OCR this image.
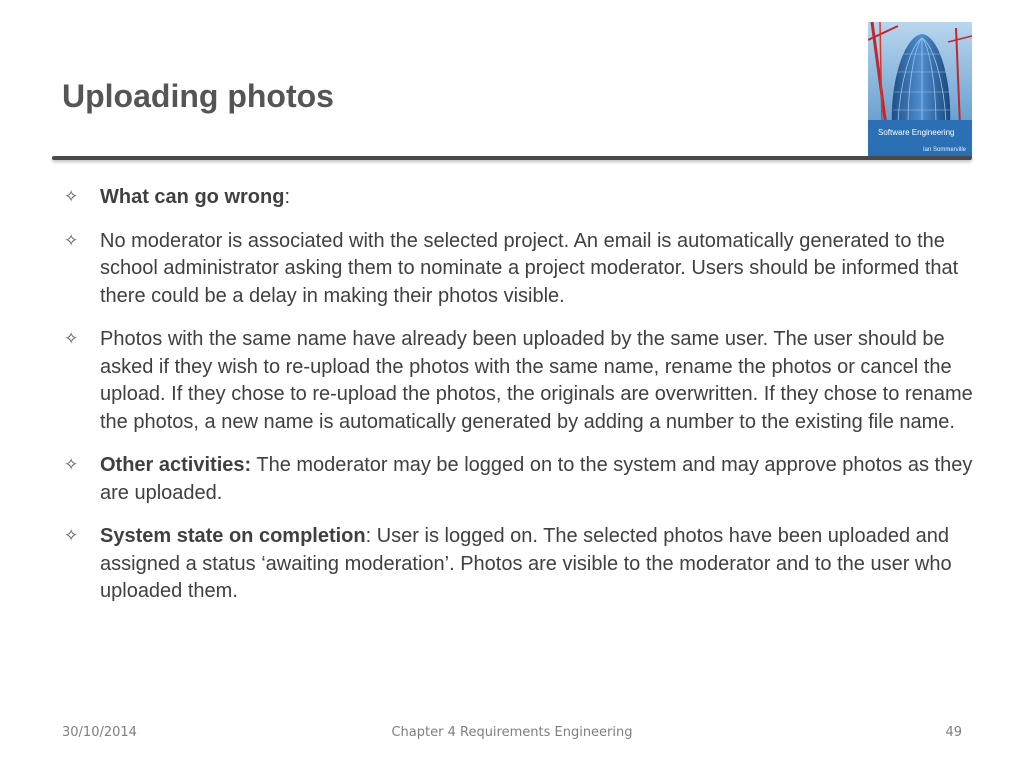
Uploading photos
Software Engineering
Ian Sommerville
✧ What can go wrong:
✧ No moderator is associated with the selected project. An email is automatically generated to the school administrator asking them to nominate a project moderator. Users should be informed that there could be a delay in making their photos visible.
✧ Photos with the same name have already been uploaded by the same user. The user should be asked if they wish to re-upload the photos with the same name, rename the photos or cancel the upload. If they chose to re-upload the photos, the originals are overwritten. If they chose to rename the photos, a new name is automatically generated by adding a number to the existing file name.
✧ Other activities: The moderator may be logged on to the system and may approve photos as they are uploaded.
✧ System state on completion: User is logged on. The selected photos have been uploaded and assigned a status ‘awaiting moderation’. Photos are visible to the moderator and to the user who uploaded them.
30/10/2014	Chapter 4 Requirements Engineering	49
